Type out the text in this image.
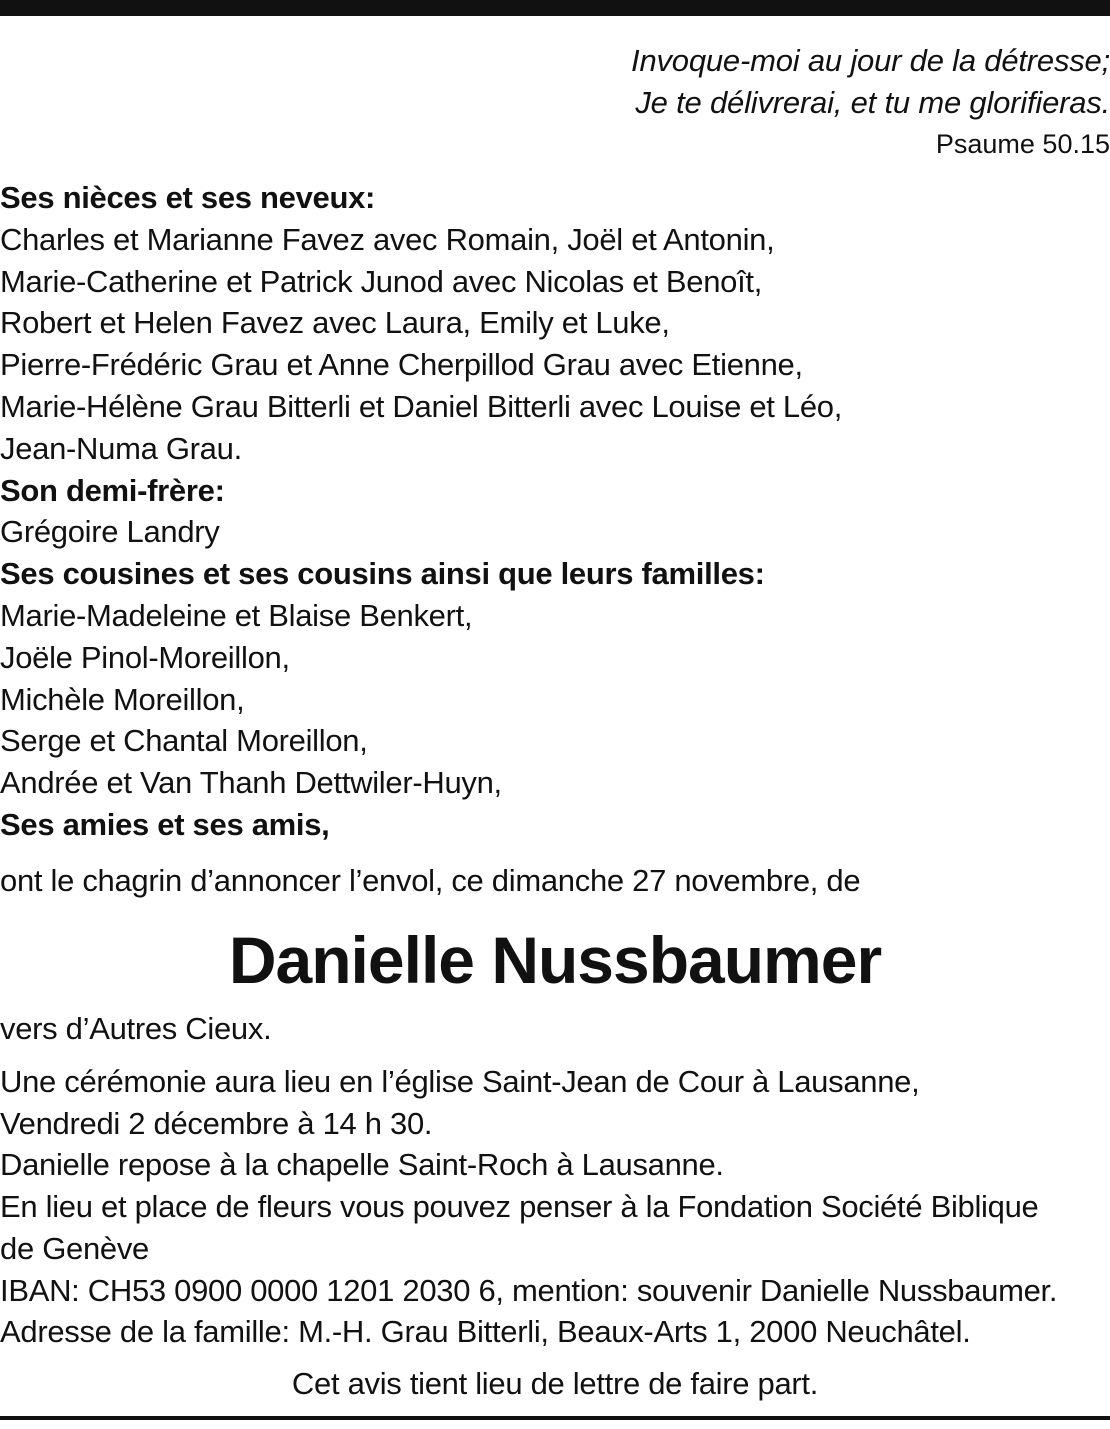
Invoque-moi au jour de la détresse;
Je te délivrerai, et tu me glorifieras.
Psaume 50.15
Ses nièces et ses neveux:
Charles et Marianne Favez avec Romain, Joël et Antonin,
Marie-Catherine et Patrick Junod avec Nicolas et Benoît,
Robert et Helen Favez avec Laura, Emily et Luke,
Pierre-Frédéric Grau et Anne Cherpillod Grau avec Etienne,
Marie-Hélène Grau Bitterli et Daniel Bitterli avec Louise et Léo,
Jean-Numa Grau.
Son demi-frère:
Grégoire Landry
Ses cousines et ses cousins ainsi que leurs familles:
Marie-Madeleine et Blaise Benkert,
Joële Pinol-Moreillon,
Michèle Moreillon,
Serge et Chantal Moreillon,
Andrée et Van Thanh Dettwiler-Huyn,
Ses amies et ses amis,
ont le chagrin d’annoncer l’envol, ce dimanche 27 novembre, de
Danielle Nussbaumer
vers d’Autres Cieux.
Une cérémonie aura lieu en l’église Saint-Jean de Cour à Lausanne,
Vendredi 2 décembre à 14 h 30.
Danielle repose à la chapelle Saint-Roch à Lausanne.
En lieu et place de fleurs vous pouvez penser à la Fondation Société Biblique
de Genève
IBAN: CH53 0900 0000 1201 2030 6, mention: souvenir Danielle Nussbaumer.
Adresse de la famille: M.-H. Grau Bitterli, Beaux-Arts 1, 2000 Neuchâtel.
Cet avis tient lieu de lettre de faire part.
